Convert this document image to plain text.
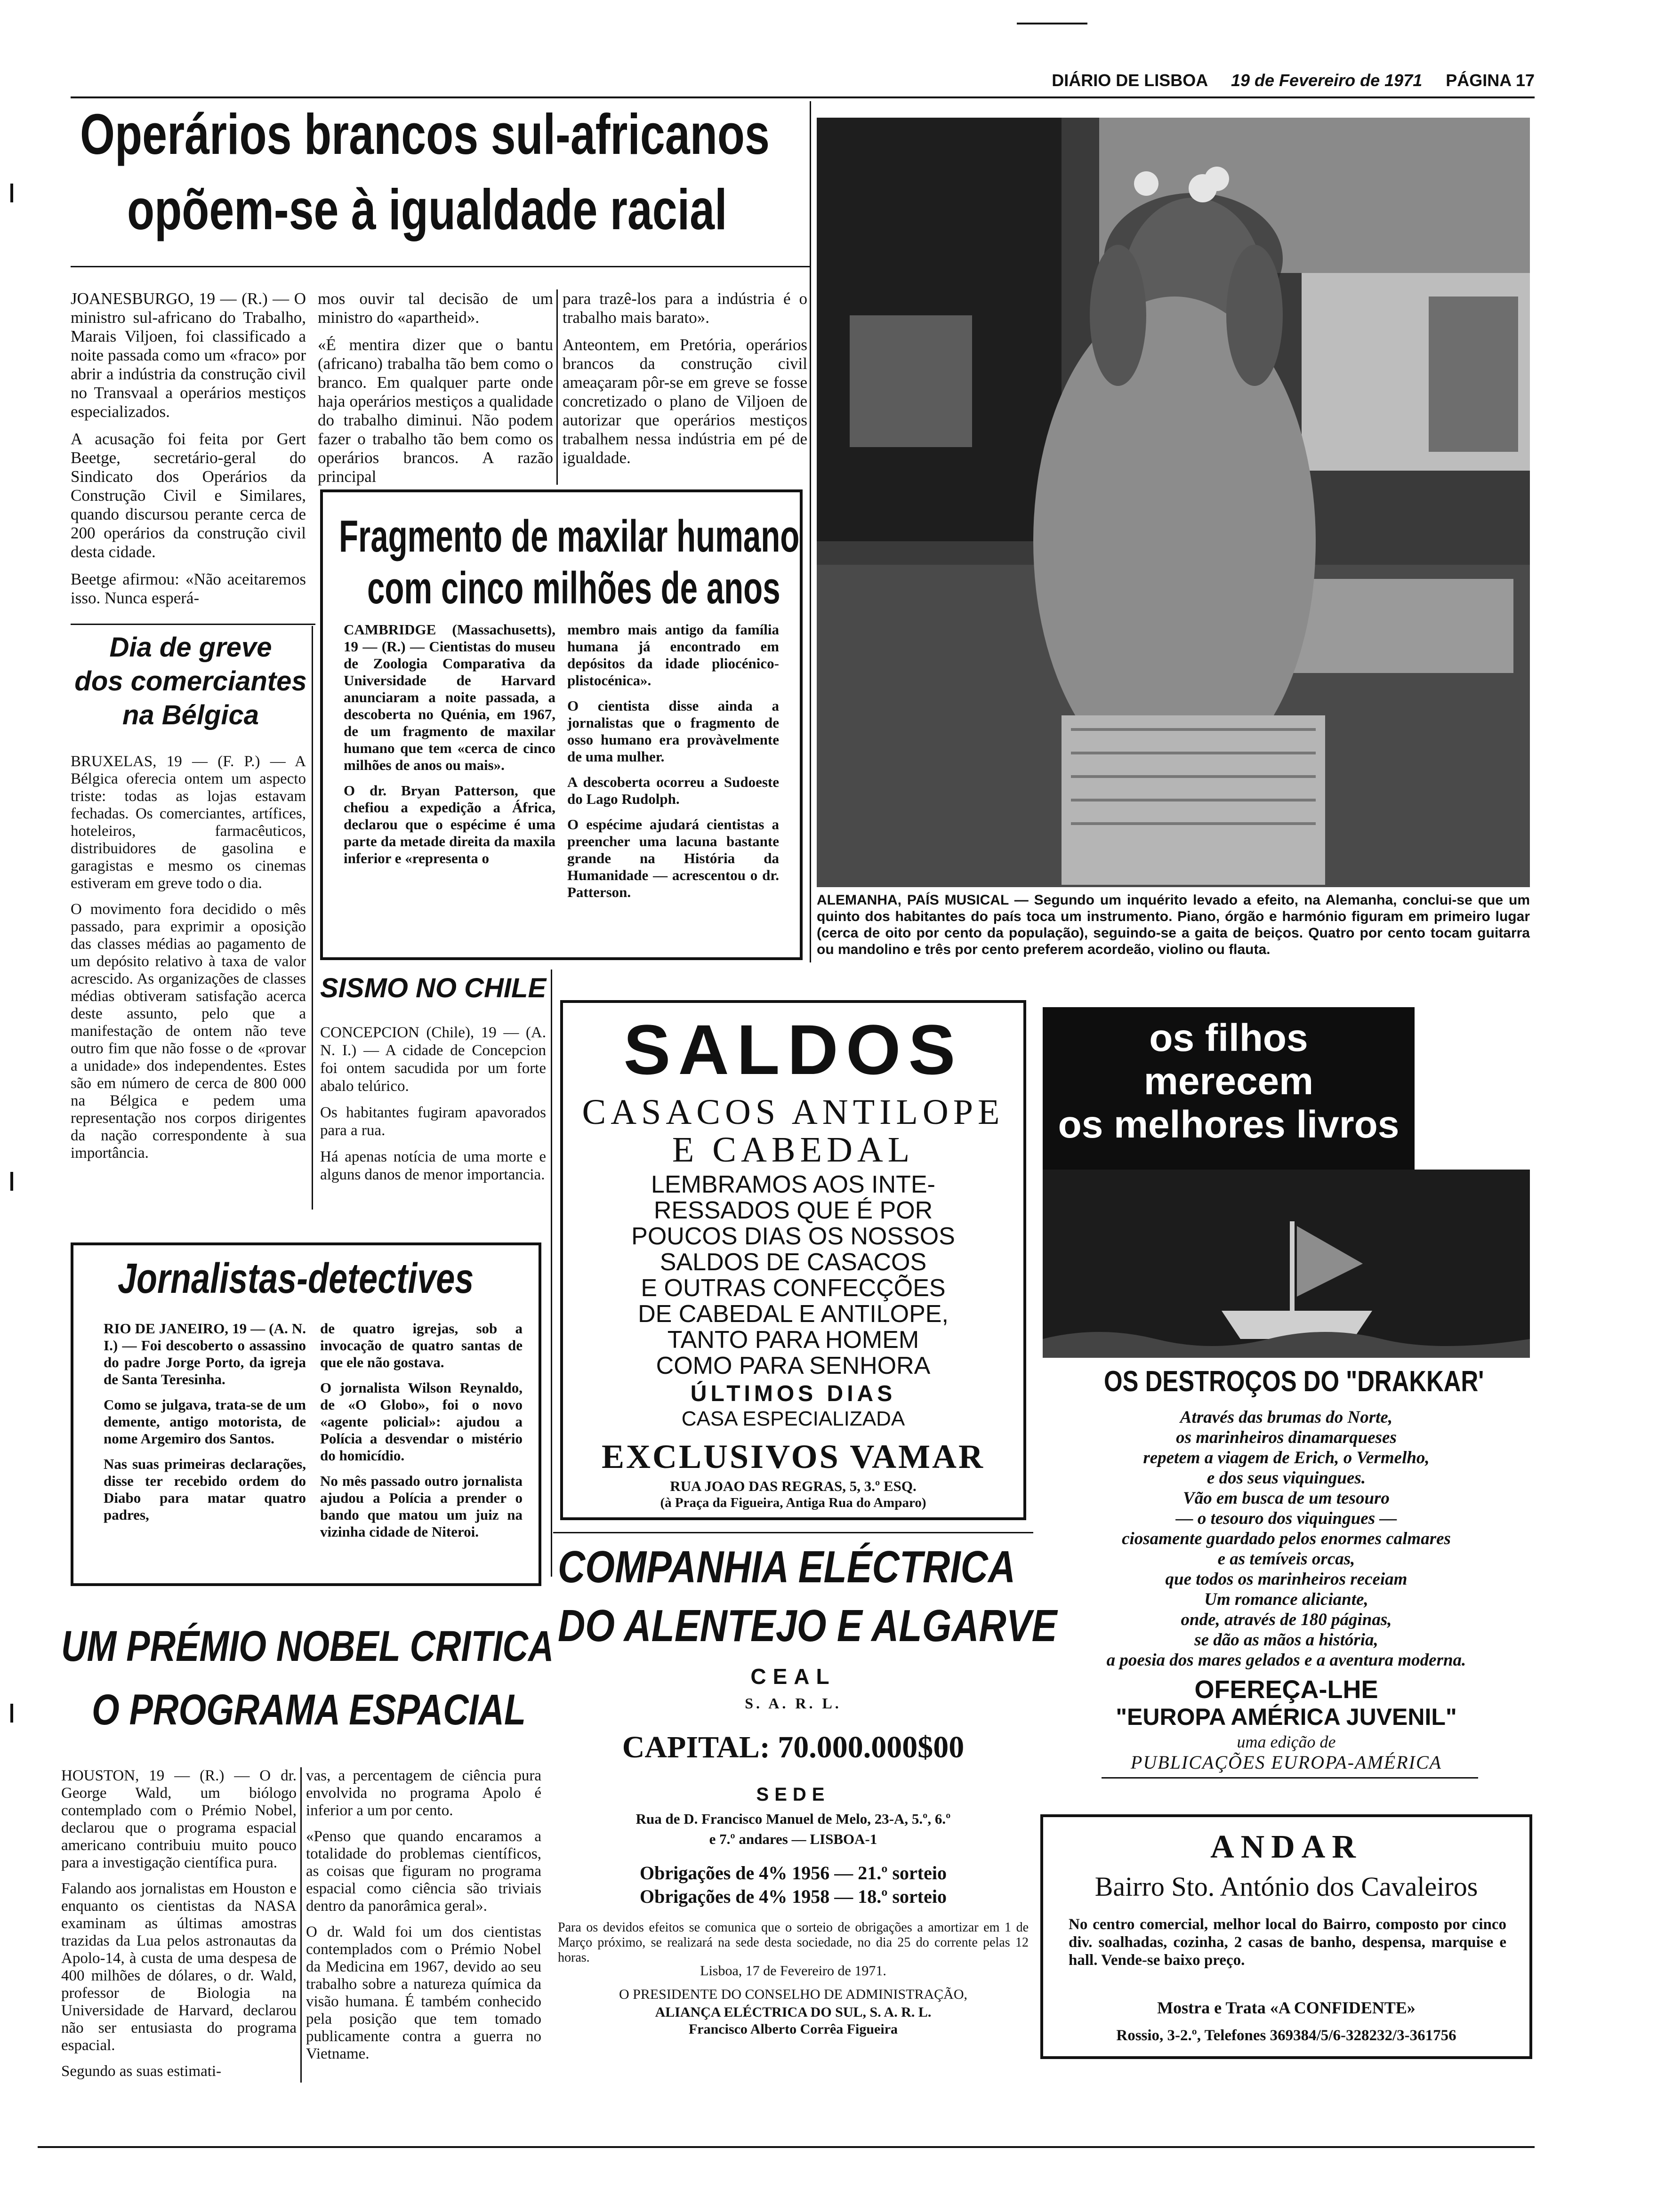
DIÁRIO DE LISBOA 19 de Fevereiro de 1971 PÁGINA 17
Operários brancos sul-africanos
opõem-se à igualdade racial

JOANESBURGO, 19 — (R.) — O ministro sul-africano do Trabalho, Marais Viljoen, foi classificado a noite passada como um «fraco» por abrir a indústria da construção civil no Transvaal a operários mestiços especializados.

A acusação foi feita por Gert Beetge, secretário-geral do Sindicato dos Operários da Construção Civil e Similares, quando discursou perante cerca de 200 operários da construção civil desta cidade.

Beetge afirmou: «Não aceitaremos isso. Nunca esperá-

mos ouvir tal decisão de um ministro do «apartheid».

«É mentira dizer que o bantu (africano) trabalha tão bem como o branco. Em qualquer parte onde haja operários mestiços a qualidade do trabalho diminui. Não podem fazer o trabalho tão bem como os operários brancos. A razão principal

para trazê-los para a indústria é o trabalho mais barato».

Anteontem, em Pretória, operários brancos da construção civil ameaçaram pôr-se em greve se fosse concretizado o plano de Viljoen de autorizar que operários mestiços trabalhem nessa indústria em pé de igualdade.

Dia de greve
dos comerciantes
na Bélgica

BRUXELAS, 19 — (F. P.) — A Bélgica oferecia ontem um aspecto triste: todas as lojas estavam fechadas. Os comerciantes, artífices, hoteleiros, farmacêuticos, distribuidores de gasolina e garagistas e mesmo os cinemas estiveram em greve todo o dia.

O movimento fora decidido o mês passado, para exprimir a oposição das classes médias ao pagamento de um depósito relativo à taxa de valor acrescido. As organizações de classes médias obtiveram satisfação acerca deste assunto, pelo que a manifestação de ontem não teve outro fim que não fosse o de «provar a unidade» dos independentes. Estes são em número de cerca de 800 000 na Bélgica e pedem uma representação nos corpos dirigentes da nação correspondente à sua importância.

Fragmento de maxilar humano
com cinco milhões de anos

CAMBRIDGE (Massachusetts), 19 — (R.) — Cientistas do museu de Zoologia Comparativa da Universidade de Harvard anunciaram a noite passada, a descoberta no Quénia, em 1967, de um fragmento de maxilar humano que tem «cerca de cinco milhões de anos ou mais».

O dr. Bryan Patterson, que chefiou a expedição a África, declarou que o espécime é uma parte da metade direita da maxila inferior e «representa o

membro mais antigo da família humana já encontrado em depósitos da idade pliocénico-plistocénica».

O cientista disse ainda a jornalistas que o fragmento de osso humano era provàvelmente de uma mulher.

A descoberta ocorreu a Sudoeste do Lago Rudolph.

O espécime ajudará cientistas a preencher uma lacuna bastante grande na História da Humanidade — acrescentou o dr. Patterson.	ALEMANHA, PAÍS MUSICAL — Segundo um inquérito levado a efeito, na Alemanha, conclui-se que um quinto dos habitantes do país toca um instrumento. Piano, órgão e harmónio figuram em primeiro lugar (cerca de oito por cento da população), seguindo-se a gaita de beiços. Quatro por cento tocam guitarra ou mandolino e três por cento preferem acordeão, violino ou flauta.
SISMO NO CHILE

CONCEPCION (Chile), 19 — (A. N. I.) — A cidade de Concepcion foi ontem sacudida por um forte abalo telúrico.

Os habitantes fugiram apavorados para a rua.

Há apenas notícia de uma morte e alguns danos de menor importancia.

SALDOS
CASACOS ANTILOPE
E CABEDAL
LEMBRAMOS AOS INTE-
RESSADOS QUE É POR
POUCOS DIAS OS NOSSOS
SALDOS DE CASACOS
E OUTRAS CONFECÇÕES
DE CABEDAL E ANTILOPE,
TANTO PARA HOMEM
COMO PARA SENHORA
ÚLTIMOS DIAS
CASA ESPECIALIZADA
EXCLUSIVOS VAMAR
RUA JOAO DAS REGRAS, 5, 3.º ESQ.
(à Praça da Figueira, Antiga Rua do Amparo)
os filhos
merecem
os melhores livros
OS DESTROÇOS DO "DRAKKAR'
Através das brumas do Norte,
os marinheiros dinamarqueses
repetem a viagem de Erich, o Vermelho,
e dos seus viquingues.
Vão em busca de um tesouro
— o tesouro dos viquingues —
ciosamente guardado pelos enormes calmares
e as temíveis orcas,
que todos os marinheiros receiam
Um romance aliciante,
onde, através de 180 páginas,
se dão as mãos a história,
a poesia dos mares gelados e a aventura moderna.
OFEREÇA-LHE
"EUROPA AMÉRICA JUVENIL"
uma edição de
PUBLICAÇÕES EUROPA-AMÉRICA
Jornalistas-detectives

RIO DE JANEIRO, 19 — (A. N. I.) — Foi descoberto o assassino do padre Jorge Porto, da igreja de Santa Teresinha.

Como se julgava, tratа-se de um demente, antigo motorista, de nome Argemiro dos Santos.

Nas suas primeiras declarações, disse ter recebido ordem do Diabo para matar quatro padres,

de quatro igrejas, sob a invocação de quatro santas de que ele não gostava.

O jornalista Wilson Reynaldo, de «O Globo», foi o novo «agente policial»: ajudou a Polícia a desvendar o mistério do homicídio.

No mês passado outro jornalista ajudou a Polícia a prender o bando que matou um juiz na vizinha cidade de Niteroi.

COMPANHIA ELÉCTRICA
DO ALENTEJO E ALGARVE
CEAL
S. A. R. L.
CAPITAL: 70.000.000$00
SEDE
Rua de D. Francisco Manuel de Melo, 23-A, 5.º, 6.º
e 7.º andares — LISBOA-1
Obrigações de 4% 1956 — 21.º sorteio
Obrigações de 4% 1958 — 18.º sorteio
Para os devidos efeitos se comunica que o sorteio de obrigações a amortizar em 1 de Março próximo, se realizará na sede desta sociedade, no dia 25 do corrente pelas 12 horas.
Lisboa, 17 de Fevereiro de 1971.
O PRESIDENTE DO CONSELHO DE ADMINISTRAÇÃO,
ALIANÇA ELÉCTRICA DO SUL, S. A. R. L.
Francisco Alberto Corrêa Figueira
UM PRÉMIO NOBEL CRITICA
O PROGRAMA ESPACIAL

HOUSTON, 19 — (R.) — O dr. George Wald, um biólogo contemplado com o Prémio Nobel, declarou que o programa espacial americano contribuiu muito pouco para a investigação científica pura.

Falando aos jornalistas em Houston e enquanto os cientistas da NASA examinam as últimas amostras trazidas da Lua pelos astronautas da Apolo-14, à custa de uma despesa de 400 milhões de dólares, o dr. Wald, professor de Biologia na Universidade de Harvard, declarou não ser entusiasta do programa espacial.

Segundo as suas estimati-

vas, a percentagem de ciência pura envolvida no programa Apolo é inferior a um por cento.

«Penso que quando encaramos a totalidade do problemas científicos, as coisas que figuram no programa espacial como ciência são triviais dentro da panorâmica geral».

O dr. Wald foi um dos cientistas contemplados com o Prémio Nobel da Medicina em 1967, devido ao seu trabalho sobre a natureza química da visão humana. É também conhecido pela posição que tem tomado publicamente contra a guerra no Vietname.

ANDAR
Bairro Sto. António dos Cavaleiros
No centro comercial, melhor local do Bairro, composto por cinco div. soalhadas, cozinha, 2 casas de banho, despensa, marquise e hall. Vende-se baixo preço.
Mostra e Trata «A CONFIDENTE»
Rossio, 3-2.º, Telefones 369384/5/6-328232/3-361756
